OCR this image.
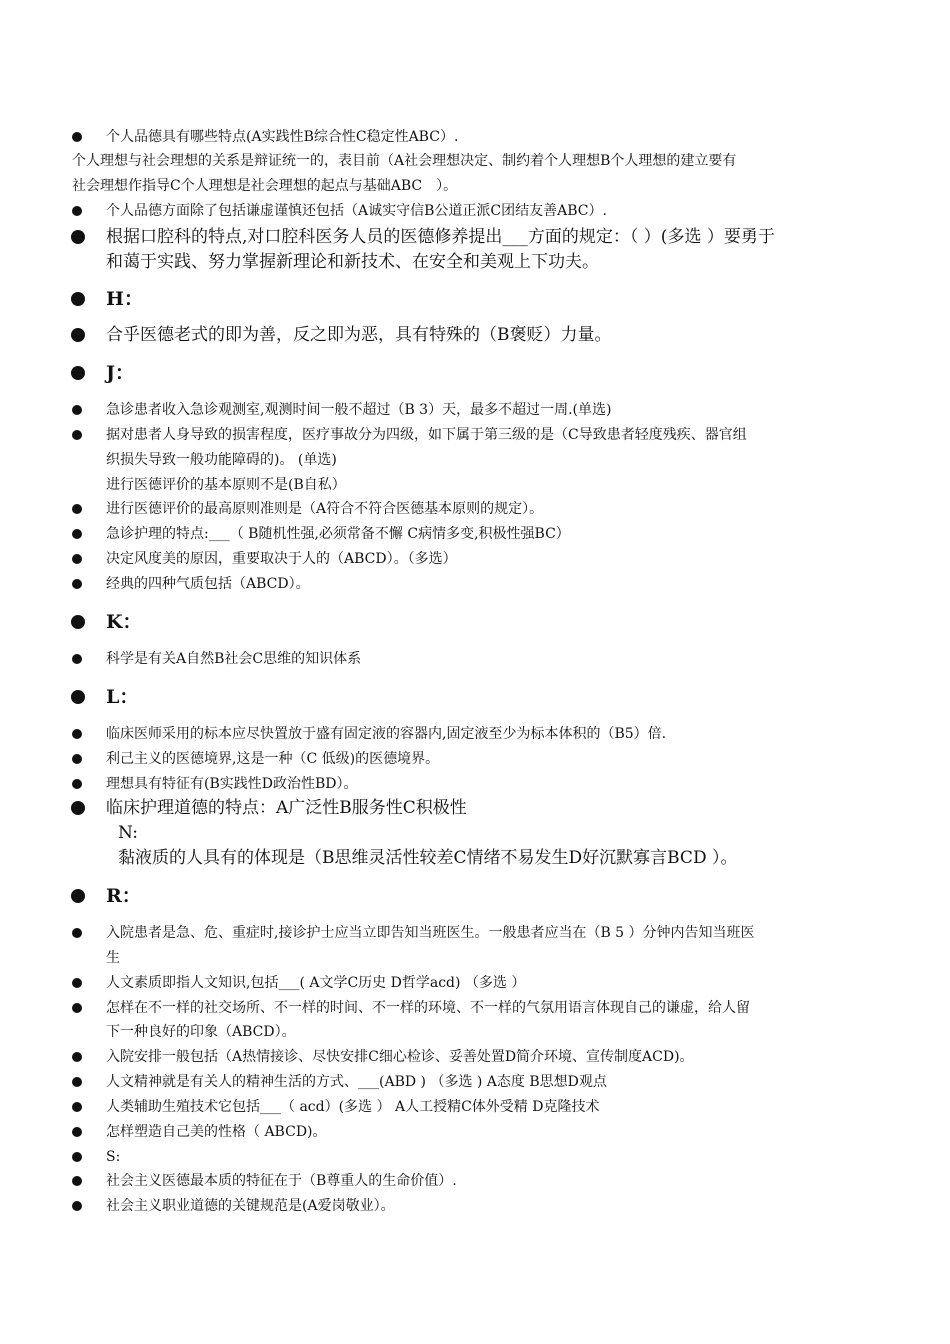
个人品德具有哪些特点(A实践性B综合性C稳定性ABC）.
个人理想与社会理想的关系是辩证统一的，表目前（A社会理想决定、制约着个人理想B个人理想的建立要有
社会理想作指导C个人理想是社会理想的起点与基础ABC　）。
个人品德方面除了包括谦虚谨慎还包括（A诚实守信B公道正派C团结友善ABC）.
根据口腔科的特点,对口腔科医务人员的医德修养提出___方面的规定：（ ）(多选 ）要勇于
和蔼于实践、努力掌握新理论和新技术、在安全和美观上下功夫。
H：
合乎医德老式的即为善，反之即为恶，具有特殊的（B褒贬）力量。
J：
急诊患者收入急诊观测室,观测时间一般不超过（B 3）天，最多不超过一周.(单选)
据对患者人身导致的损害程度，医疗事故分为四级，如下属于第三级的是（C导致患者轻度残疾、器官组
织损失导致一般功能障碍的)。 (单选)
进行医德评价的基本原则不是(B自私）
进行医德评价的最高原则准则是（A符合不符合医德基本原则的规定）。
急诊护理的特点:___（ B随机性强,必须常备不懈 C病情多变,积极性强BC）
决定风度美的原因，重要取决于人的（ABCD）。（多选）
经典的四种气质包括（ABCD）。
K：
科学是有关A自然B社会C思维的知识体系
L：
临床医师采用的标本应尽快置放于盛有固定液的容器内,固定液至少为标本体积的（B5）倍.
利己主义的医德境界,这是一种（C 低级)的医德境界。
理想具有特征有(B实践性D政治性BD）。
临床护理道德的特点：A广泛性B服务性C积极性
N:
黏液质的人具有的体现是（B思维灵活性较差C情绪不易发生D好沉默寡言BCD ）。
R：
入院患者是急、危、重症时,接诊护士应当立即告知当班医生。一般患者应当在（B 5 ）分钟内告知当班医
生
人文素质即指人文知识,包括___( A文学C历史 D哲学acd) （多选 ）
怎样在不一样的社交场所、不一样的时间、不一样的环境、不一样的气氛用语言体现自己的谦虚，给人留
下一种良好的印象（ABCD）。
入院安排一般包括（A热情接诊、尽快安排C细心检诊、妥善处置D简介环境、宣传制度ACD)。
人文精神就是有关人的精神生活的方式、___(ABD ) （多选 ) A态度 B思想D观点
人类辅助生殖技术它包括___（ acd）(多选 ） A人工授精C体外受精 D克隆技术
怎样塑造自己美的性格（ ABCD)。
S:
社会主义医德最本质的特征在于（B尊重人的生命价值）.
社会主义职业道德的关键规范是(A爱岗敬业）。
